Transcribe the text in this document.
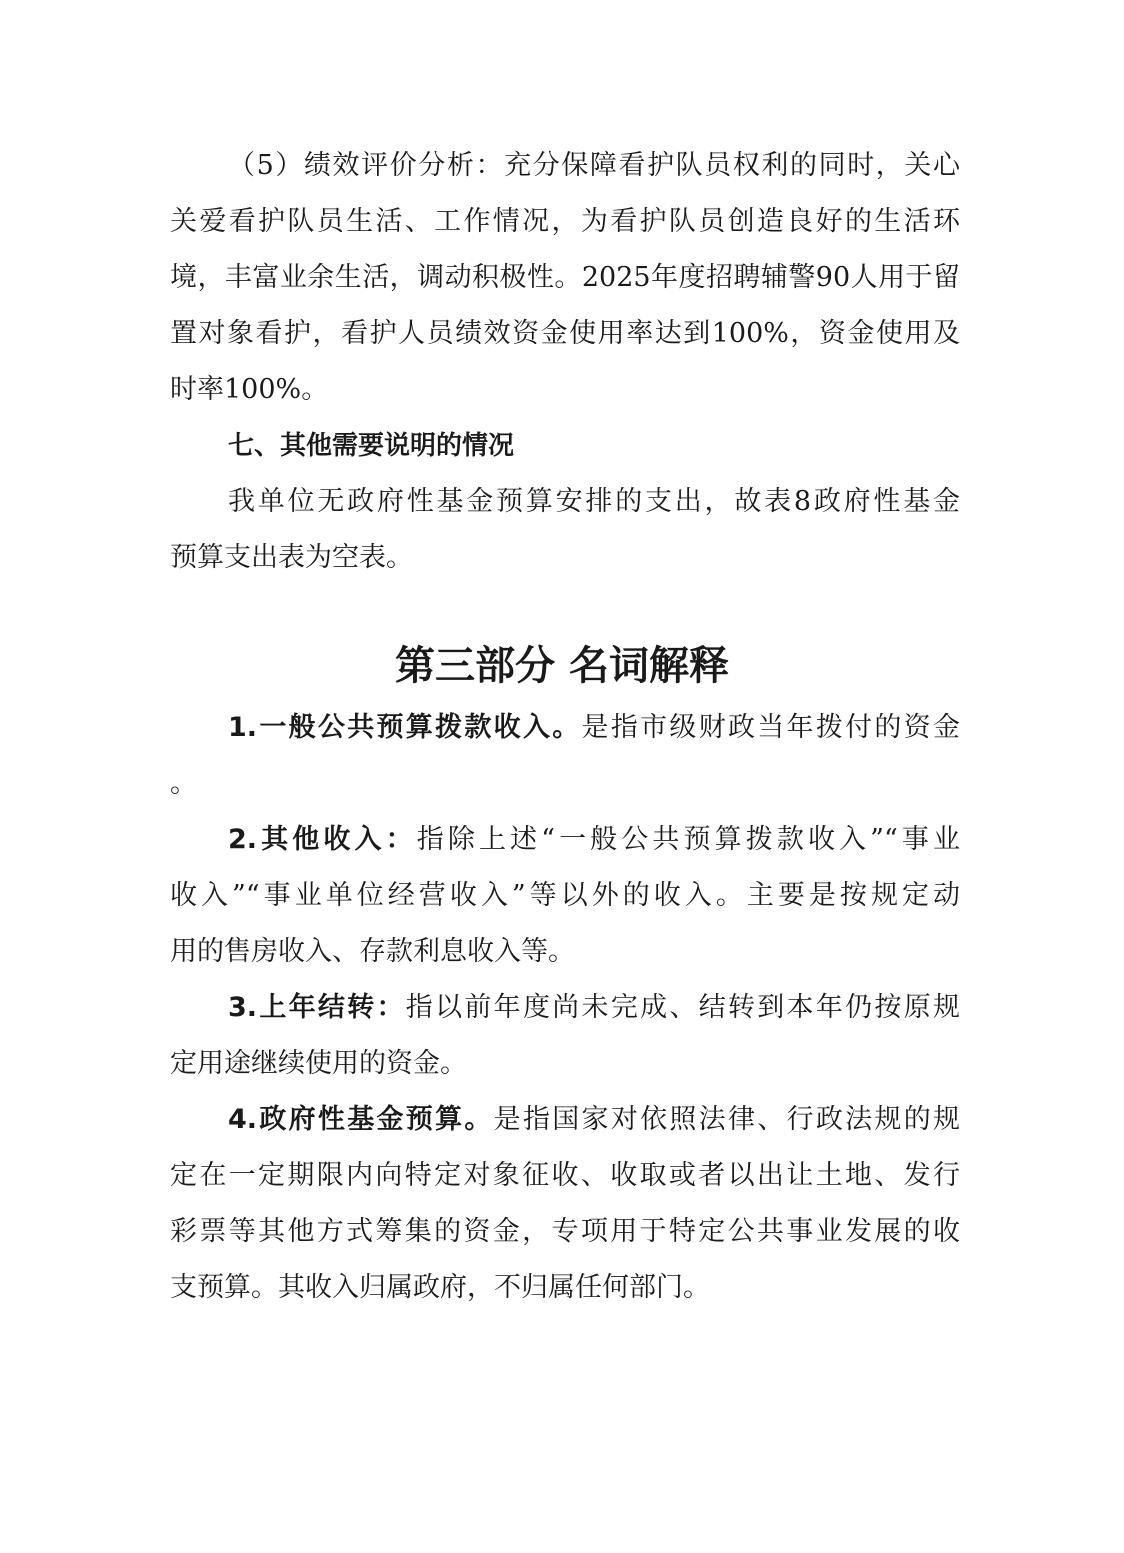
（5）绩效评价分析：充分保障看护队员权利的同时，关心
关爱看护队员生活、工作情况，为看护队员创造良好的生活环
境，丰富业余生活，调动积极性。2025年度招聘辅警90人用于留
置对象看护，看护人员绩效资金使用率达到100%，资金使用及
时率100%。
七、其他需要说明的情况
我单位无政府性基金预算安排的支出，故表8政府性基金
预算支出表为空表。
第三部分 名词解释
1.一般公共预算拨款收入。是指市级财政当年拨付的资金
。
2.其他收入：指除上述“一般公共预算拨款收入”“事业
收入”“事业单位经营收入”等以外的收入。主要是按规定动
用的售房收入、存款利息收入等。
3.上年结转：指以前年度尚未完成、结转到本年仍按原规
定用途继续使用的资金。
4.政府性基金预算。是指国家对依照法律、行政法规的规
定在一定期限内向特定对象征收、收取或者以出让土地、发行
彩票等其他方式筹集的资金，专项用于特定公共事业发展的收
支预算。其收入归属政府，不归属任何部门。
